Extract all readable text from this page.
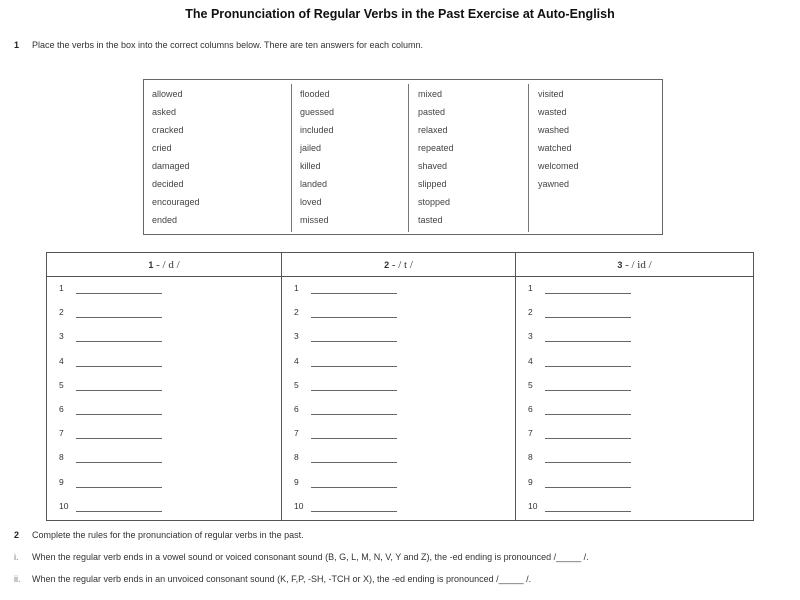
The Pronunciation of Regular Verbs in the Past Exercise at Auto-English
1 Place the verbs in the box into the correct columns below. There are ten answers for each column.
allowed
asked
cracked
cried
damaged
decided
encouraged
ended
flooded
guessed
included
jailed
killed
landed
loved
missed
mixed
pasted
relaxed
repeated
shaved
slipped
stopped
tasted
visited
wasted
washed
watched
welcomed
yawned
1 - / d /
1
2
3
4
5
6
7
8
9
10
2 - / t /
1
2
3
4
5
6
7
8
9
10
3 - / id /
1
2
3
4
5
6
7
8
9
10
2 Complete the rules for the pronunciation of regular verbs in the past.
i. When the regular verb ends in a vowel sound or voiced consonant sound (B, G, L, M, N, V, Y and Z), the -ed ending is pronounced /_____ /.
ii. When the regular verb ends in an unvoiced consonant sound (K, F,P, -SH, -TCH or X), the -ed ending is pronounced /_____ /.
